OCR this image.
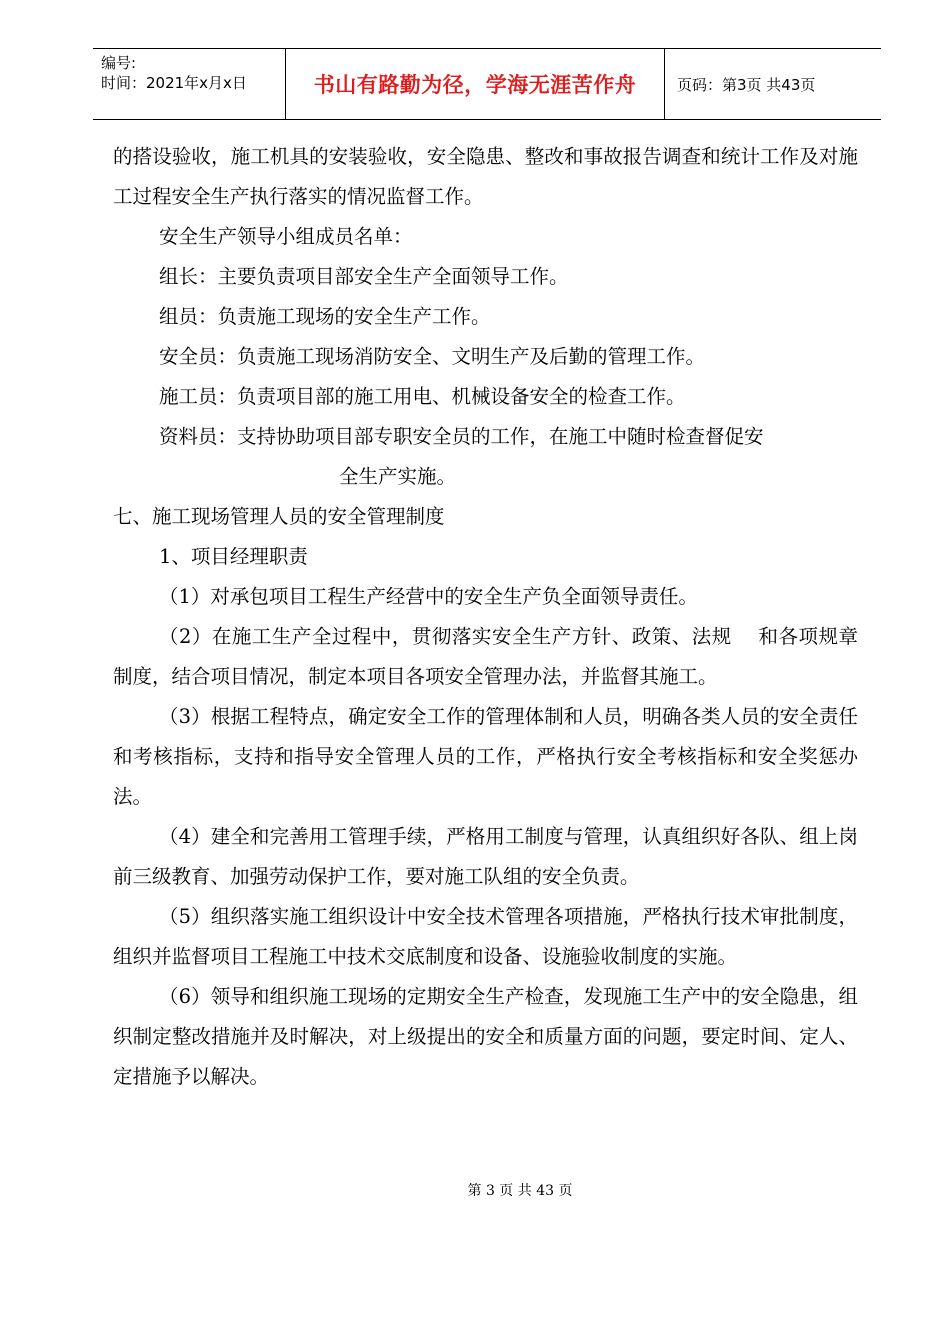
编号:
时间：2021年x月x日	书山有路勤为径，学海无涯苦作舟	页码：第3页 共43页

的搭设验收，施工机具的安装验收，安全隐患、整改和事故报告调查和统计工作及对施工过程安全生产执行落实的情况监督工作。

安全生产领导小组成员名单：

组长：主要负责项目部安全生产全面领导工作。

组员：负责施工现场的安全生产工作。

安全员：负责施工现场消防安全、文明生产及后勤的管理工作。

施工员：负责项目部的施工用电、机械设备安全的检查工作。

资料员：支持协助项目部专职安全员的工作，在施工中随时检查督促安

全生产实施。

七、施工现场管理人员的安全管理制度

1、项目经理职责

（1）对承包项目工程生产经营中的安全生产负全面领导责任。

（2）在施工生产全过程中，贯彻落实安全生产方针、政策、法规    和各项规章制度，结合项目情况，制定本项目各项安全管理办法，并监督其施工。

（3）根据工程特点，确定安全工作的管理体制和人员，明确各类人员的安全责任和考核指标，支持和指导安全管理人员的工作，严格执行安全考核指标和安全奖惩办法。

（4）建全和完善用工管理手续，严格用工制度与管理，认真组织好各队、组上岗前三级教育、加强劳动保护工作，要对施工队组的安全负责。

（5）组织落实施工组织设计中安全技术管理各项措施，严格执行技术审批制度，组织并监督项目工程施工中技术交底制度和设备、设施验收制度的实施。

（6）领导和组织施工现场的定期安全生产检查，发现施工生产中的安全隐患，组织制定整改措施并及时解决，对上级提出的安全和质量方面的问题，要定时间、定人、定措施予以解决。

第 3 页 共 43 页
